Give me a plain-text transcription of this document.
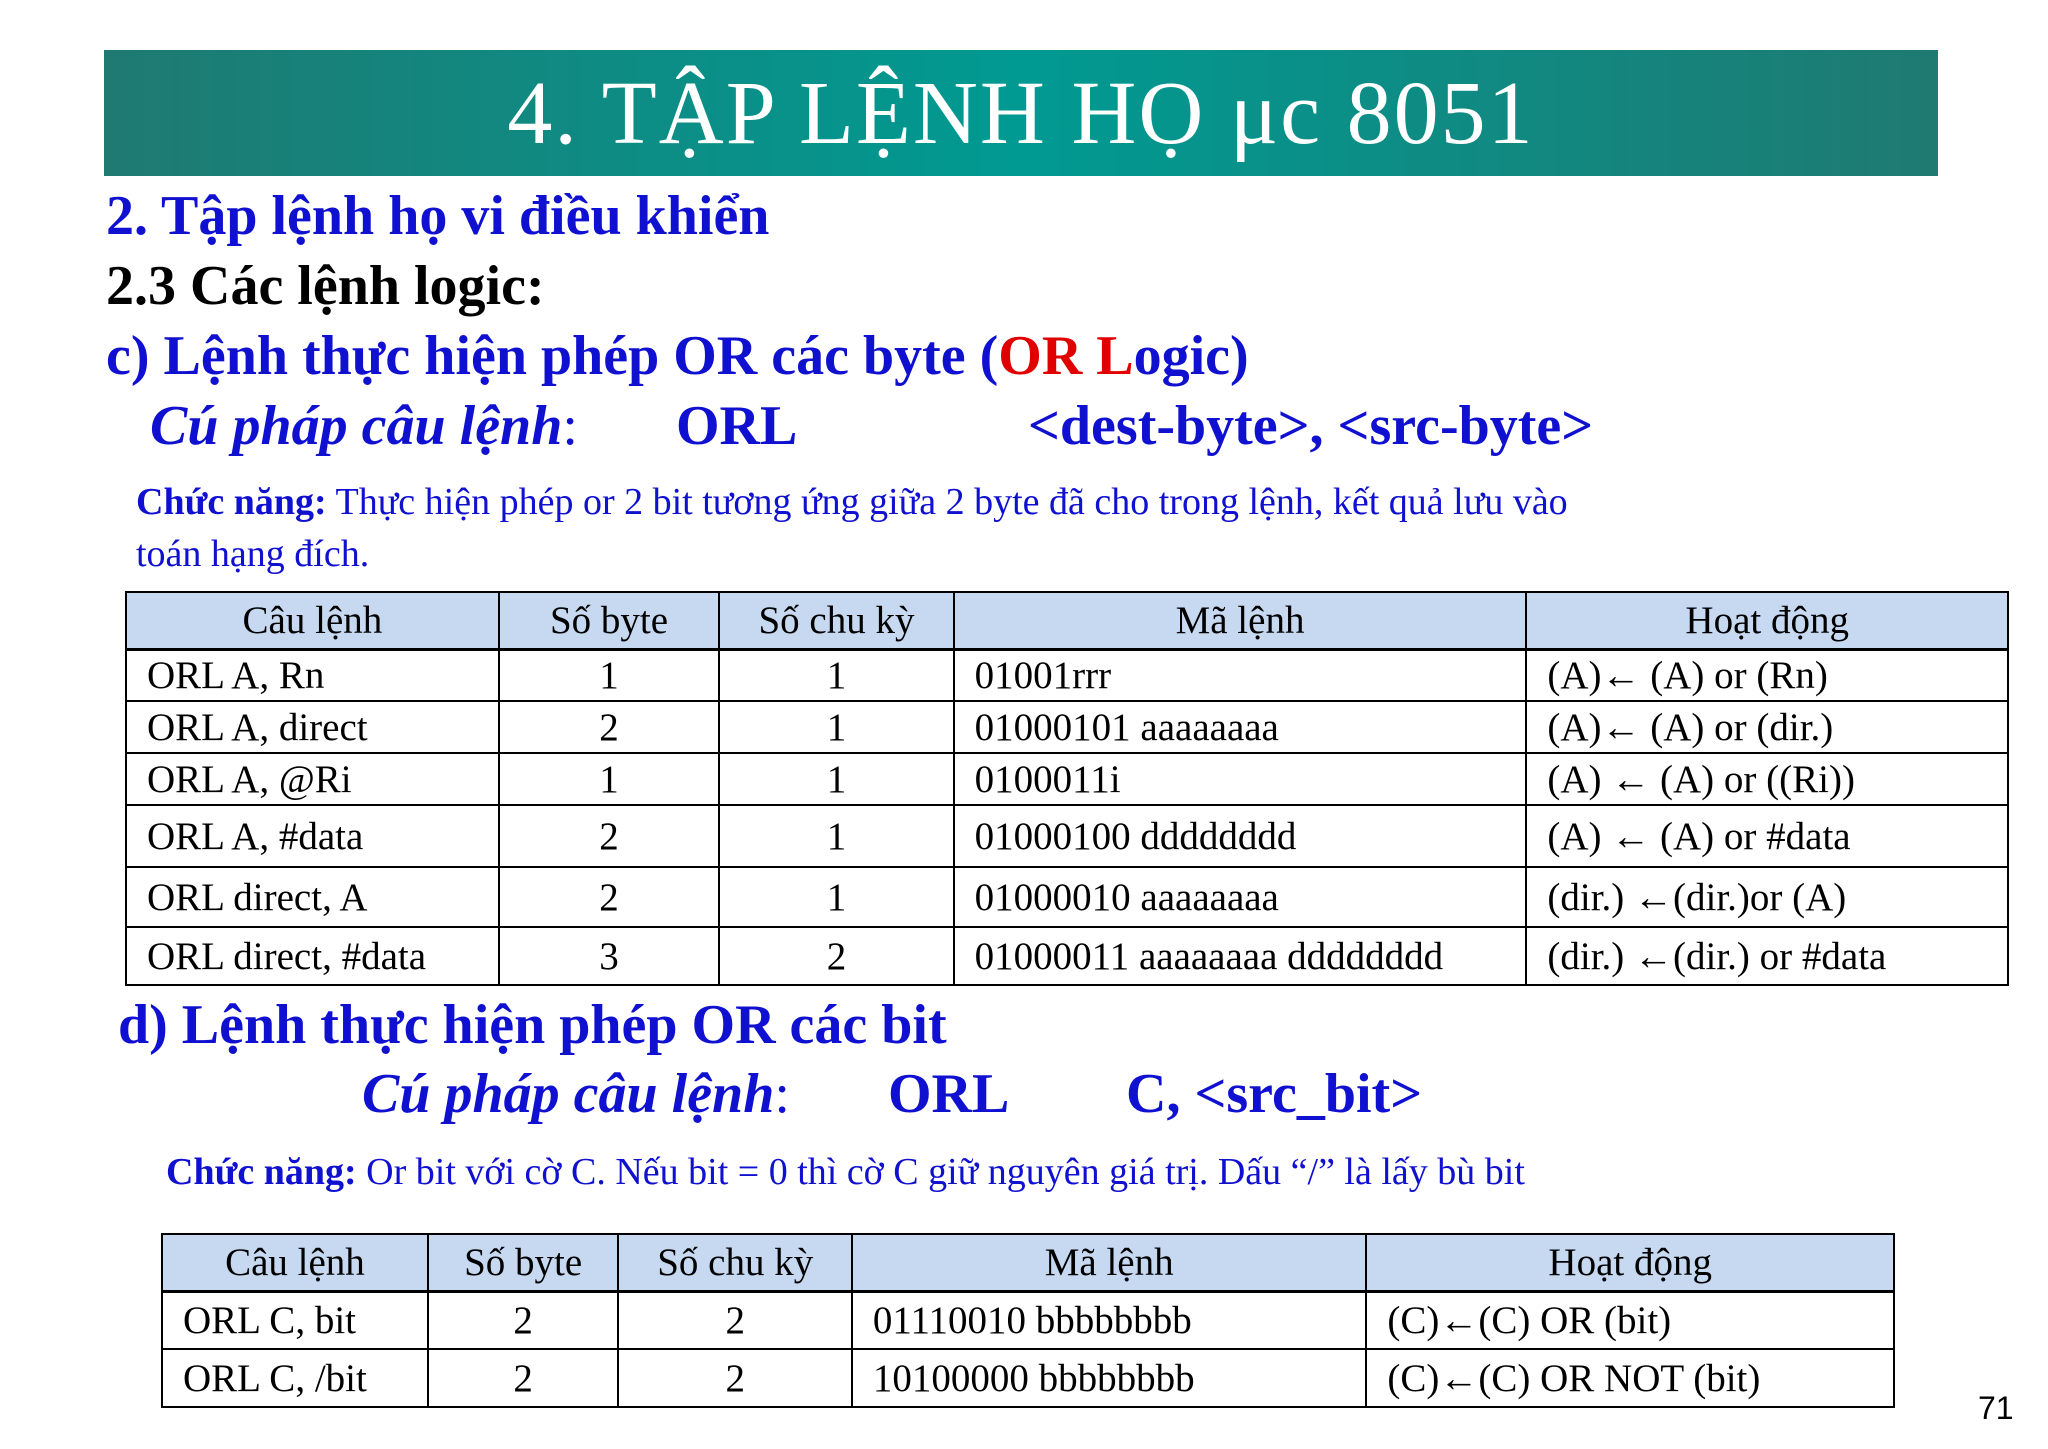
4. TẬP LỆNH HỌ μc 8051
2. Tập lệnh họ vi điều khiển
2.3 Các lệnh logic:
c) Lệnh thực hiện phép OR các byte (OR Logic)
Cú pháp câu lệnh: ORL	<dest-byte>, <src-byte>
Chức năng: Thực hiện phép or 2 bit tương ứng giữa 2 byte đã cho trong lệnh, kết quả lưu vào
toán hạng đích.
Câu lệnh	Số byte	Số chu kỳ	Mã lệnh	Hoạt động
ORL A, Rn	1	1	01001rrr	(A)← (A) or (Rn)
ORL A, direct	2	1	01000101 aaaaaaaa	(A)← (A) or (dir.)
ORL A, @Ri	1	1	0100011i	(A) ← (A) or ((Ri))
ORL A, #data	2	1	01000100 dddddddd	(A) ← (A) or #data
ORL direct, A	2	1	01000010 aaaaaaaa	(dir.) ←(dir.)or (A)
ORL direct, #data	3	2	01000011 aaaaaaaa dddddddd	(dir.) ←(dir.) or #data
d) Lệnh thực hiện phép OR các bit
Cú pháp câu lệnh: ORL C, <src_bit>
Chức năng: Or bit với cờ C. Nếu bit = 0 thì cờ C giữ nguyên giá trị. Dấu “/” là lấy bù bit
Câu lệnh	Số byte	Số chu kỳ	Mã lệnh	Hoạt động
ORL C, bit	2	2	01110010 bbbbbbbb	(C)←(C) OR (bit)
ORL C, /bit	2	2	10100000 bbbbbbbb	(C)←(C) OR NOT (bit)
71
